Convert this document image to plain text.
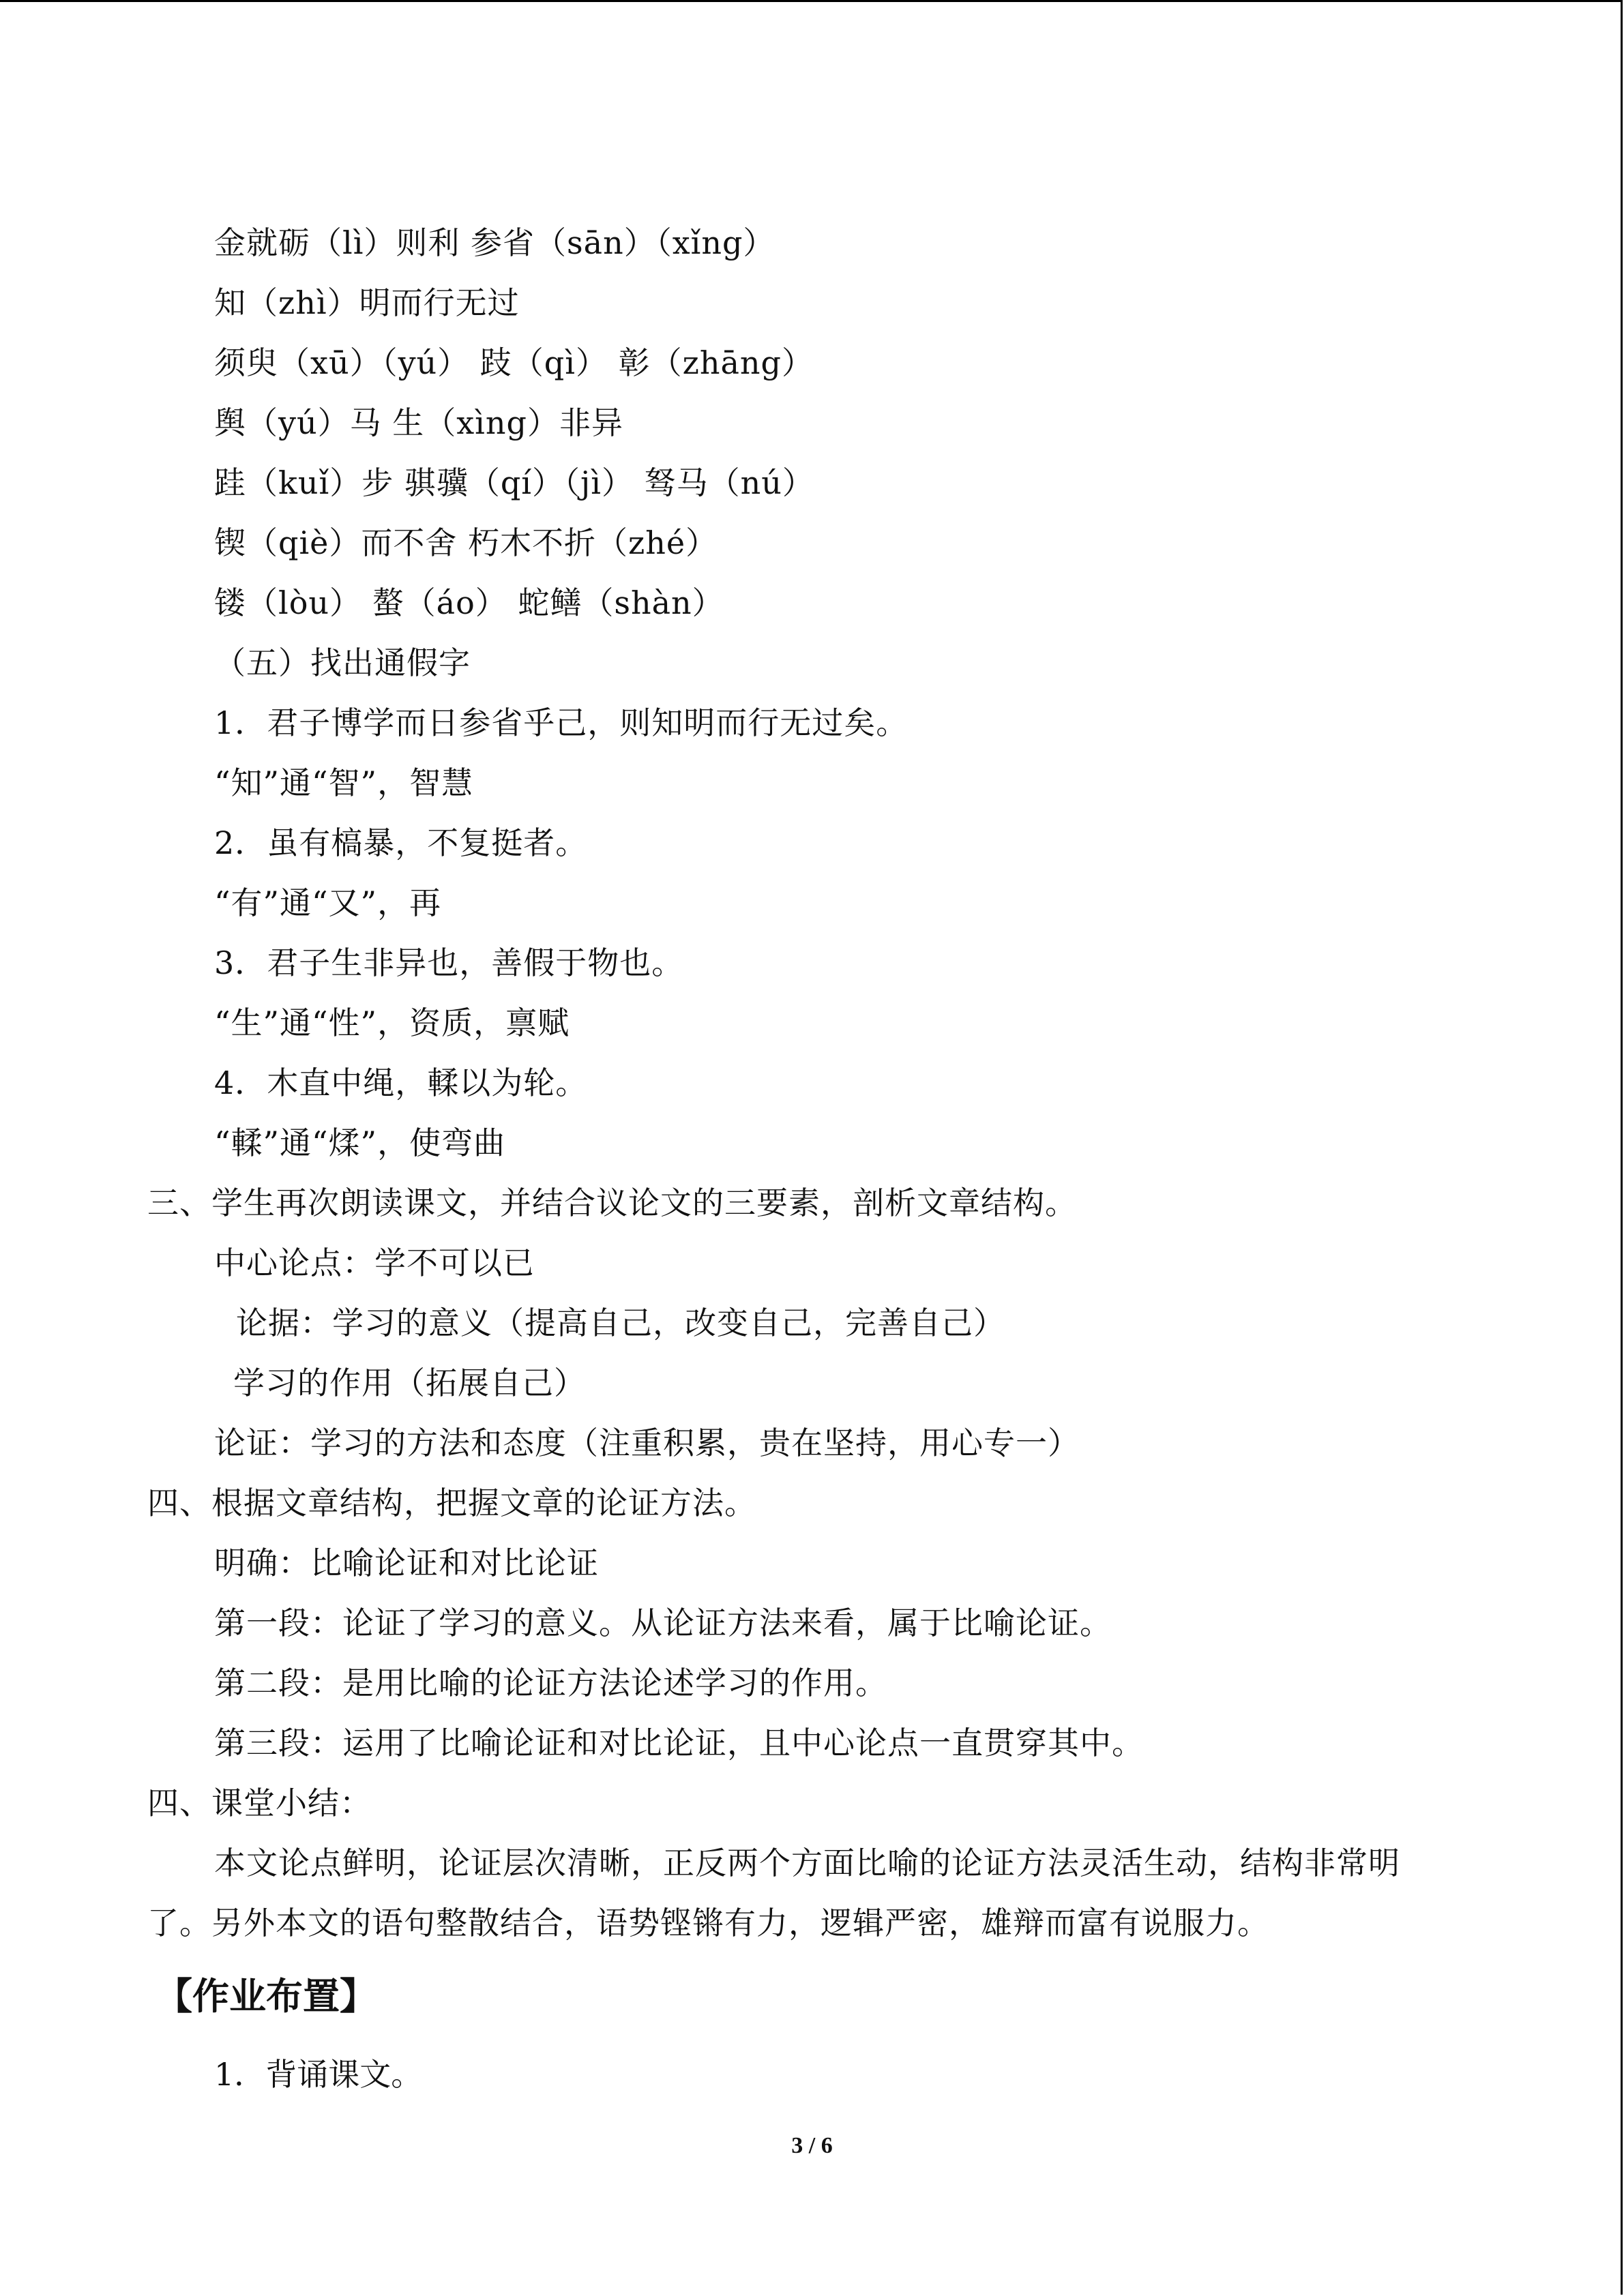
金就砺（lì）则利 参省（sān）（xǐng）
知（zhì）明而行无过
须臾（xū）（yú） 跂（qì） 彰（zhāng）
舆（yú）马 生（xìng）非异
跬（kuǐ）步 骐骥（qí）（jì） 驽马（nú）
锲（qiè）而不舍 朽木不折（zhé）
镂（lòu） 螯（áo） 蛇鳝（shàn）
（五）找出通假字
1．君子博学而日参省乎己，则知明而行无过矣。
“知”通“智”，智慧
2．虽有槁暴，不复挺者。
“有”通“又”，再
3．君子生非异也，善假于物也。
“生”通“性”，资质，禀赋
4．木直中绳，輮以为轮。
“輮”通“煣”，使弯曲
三、学生再次朗读课文，并结合议论文的三要素，剖析文章结构。
中心论点：学不可以已
论据：学习的意义（提高自己，改变自己，完善自己）
学习的作用（拓展自己）
论证：学习的方法和态度（注重积累，贵在坚持，用心专一）
四、根据文章结构，把握文章的论证方法。
明确：比喻论证和对比论证
第一段：论证了学习的意义。从论证方法来看，属于比喻论证。
第二段：是用比喻的论证方法论述学习的作用。
第三段：运用了比喻论证和对比论证，且中心论点一直贯穿其中。
四、课堂小结：
本文论点鲜明，论证层次清晰，正反两个方面比喻的论证方法灵活生动，结构非常明
了。另外本文的语句整散结合，语势铿锵有力，逻辑严密，雄辩而富有说服力。
【作业布置】
1．背诵课文。
3 / 6
